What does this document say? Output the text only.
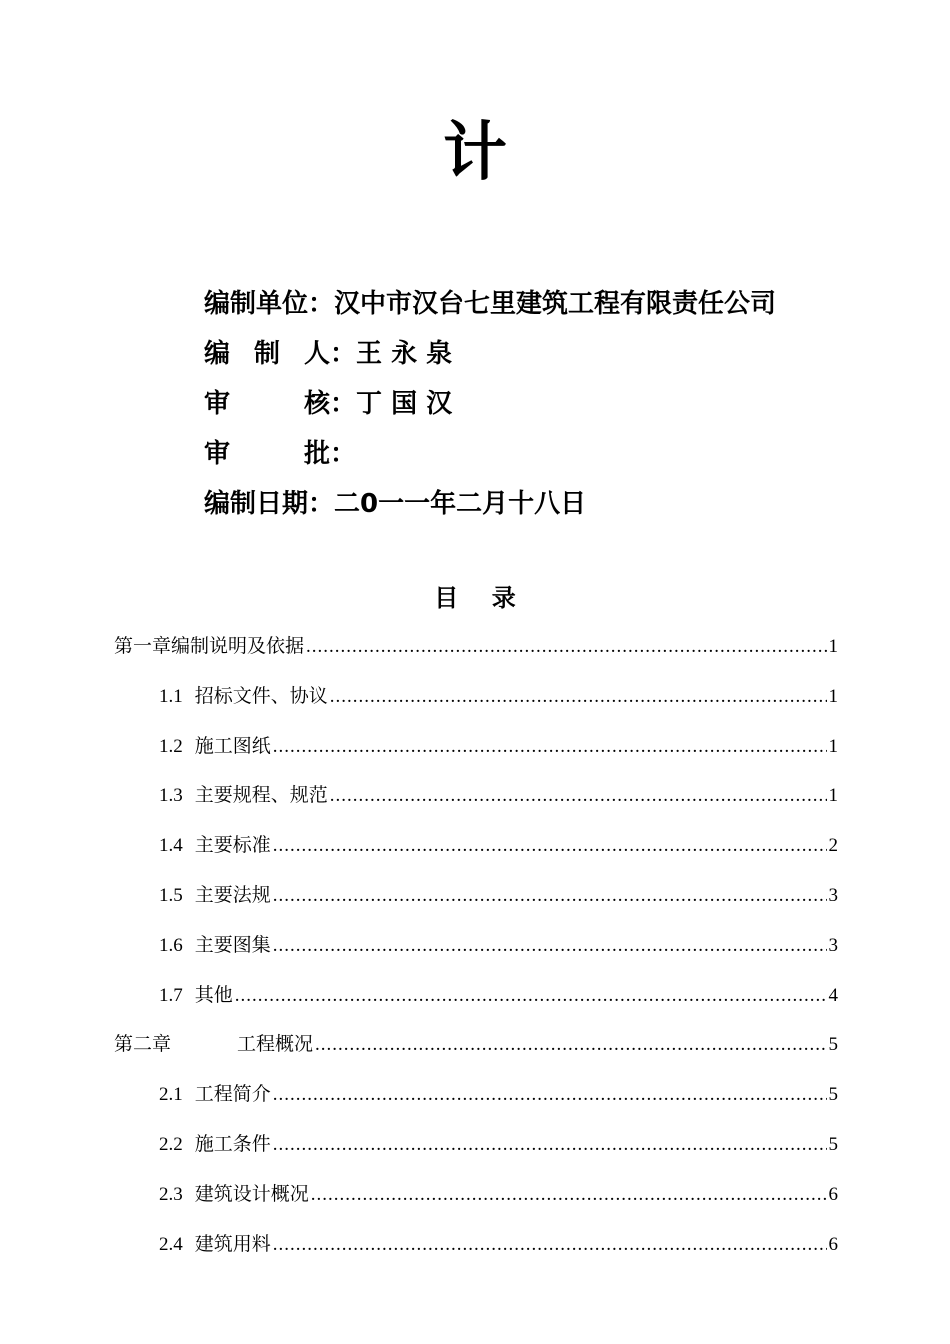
计
编制单位： 汉中市汉台七里建筑工程有限责任公司
编 制 人 ： 王 永 泉
审	核 ： 丁 国 汉
审	批 ：
编制日期： 二0一一年二月十八日
目    录
第一章编制说明及依据 .....	1
1.1 招标文件、协议 .....	1
1.2 施工图纸 .....	1
1.3 主要规程、规范 .....	1
1.4 主要标准 .....	2
1.5 主要法规 .....	3
1.6 主要图集 .....	3
1.7 其他 .....	4
第二章	工程概况 .....	5
2.1 工程简介 .....	5
2.2 施工条件 .....	5
2.3 建筑设计概况 .....	6
2.4 建筑用料 .....	6
